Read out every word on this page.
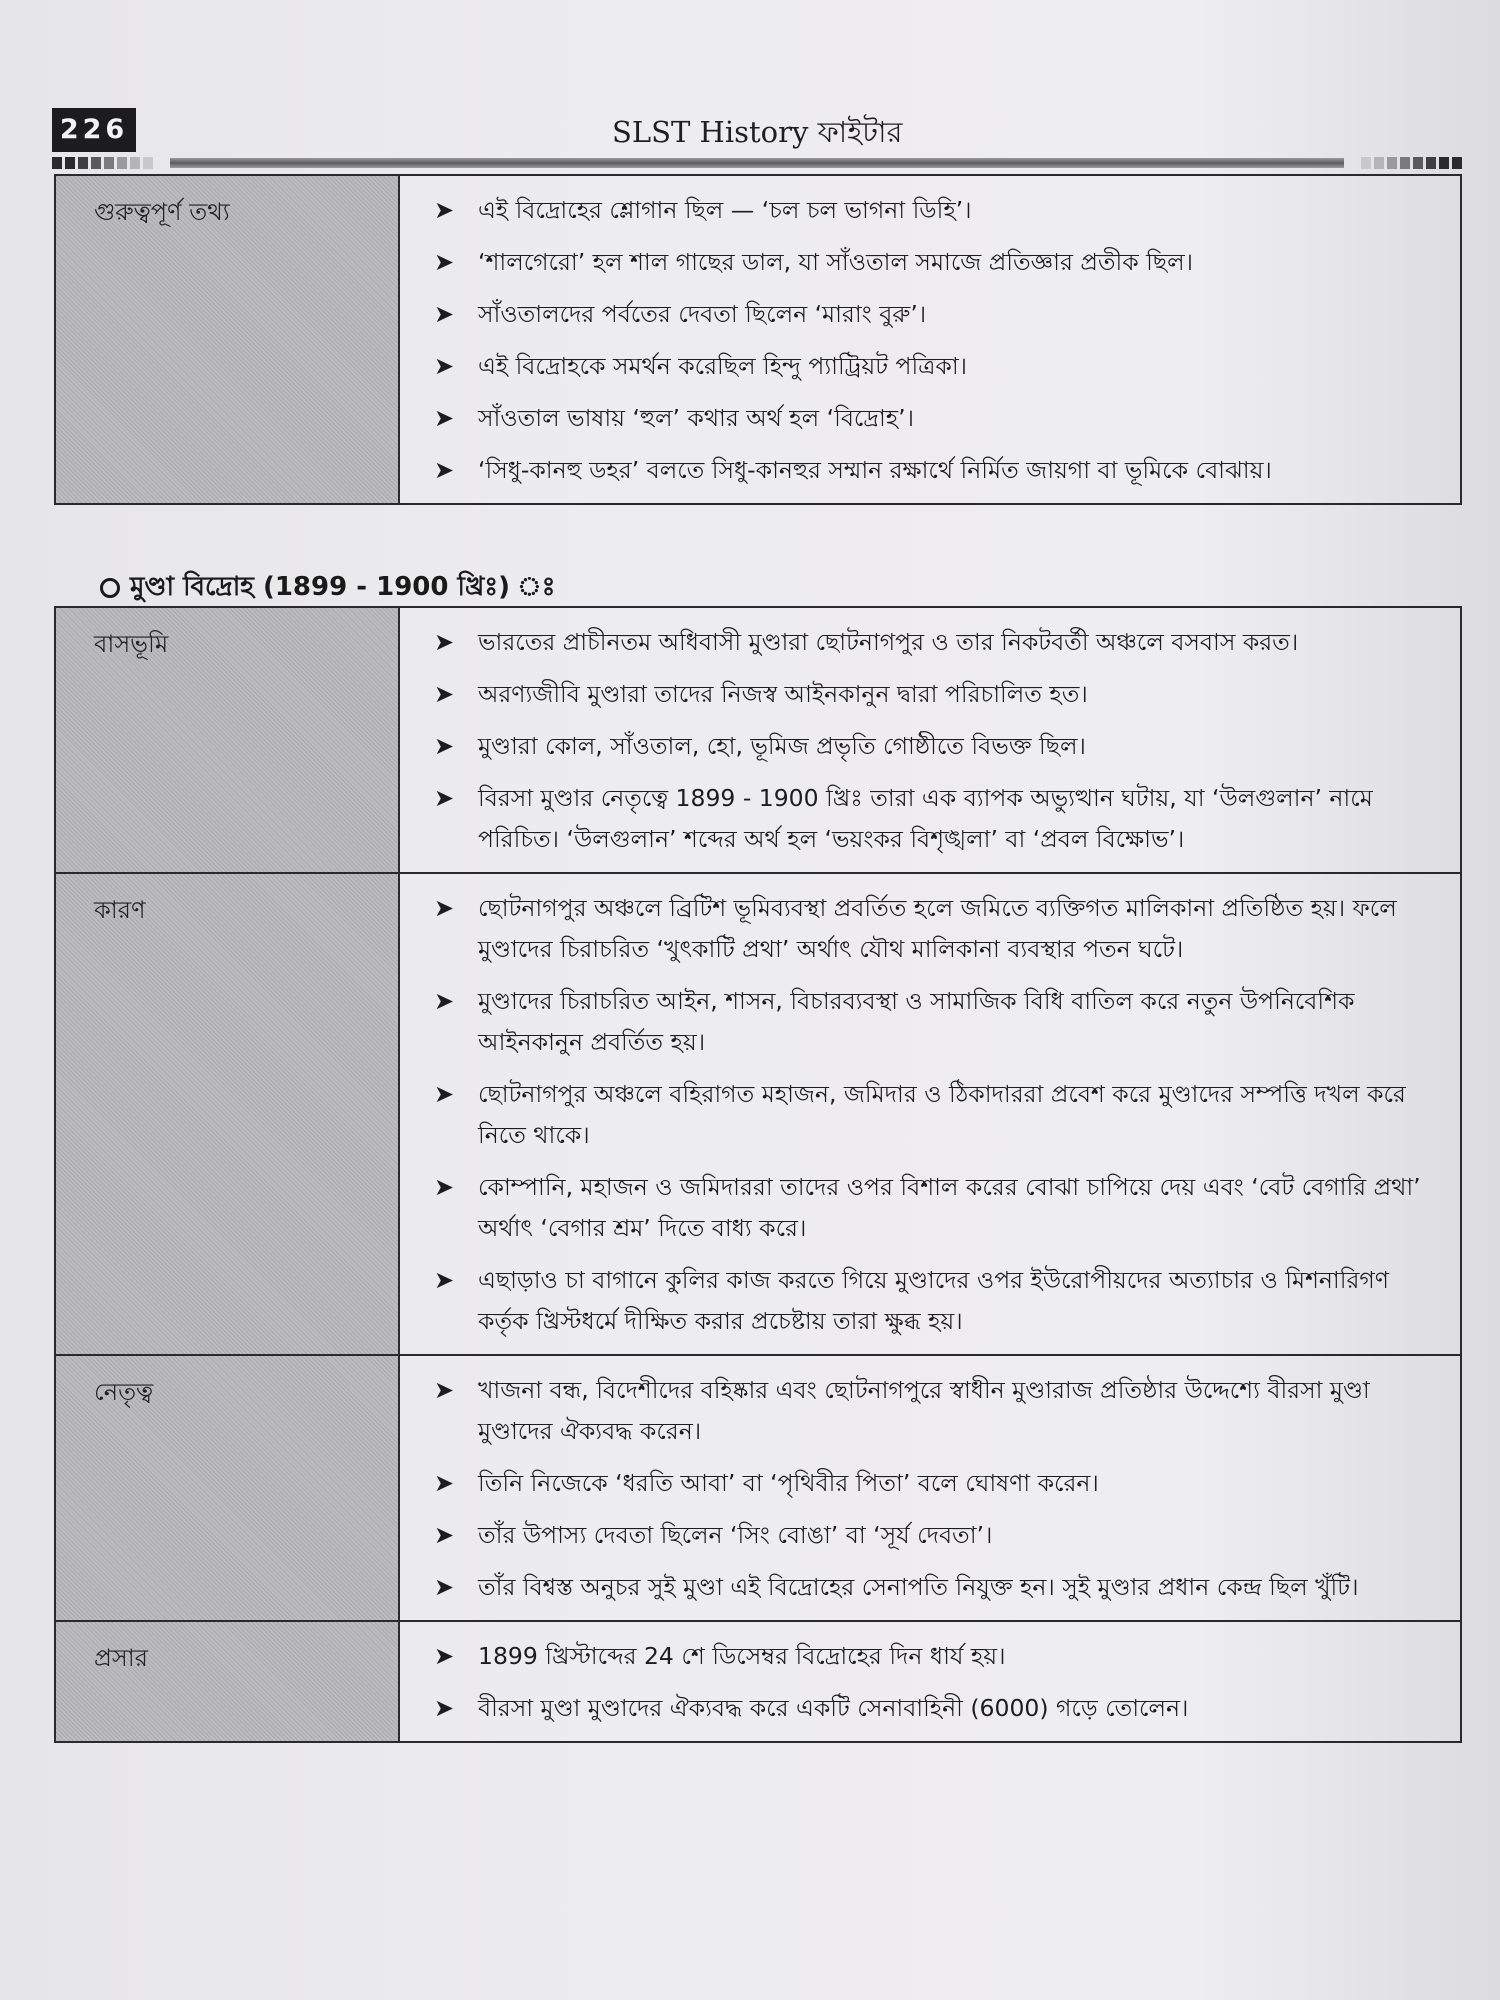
226	SLST History ফাইটার
গুরুত্বপূর্ণ তথ্য	➤ এই বিদ্রোহের শ্লোগান ছিল — ‘চল চল ভাগনা ডিহি’।
➤ ‘শালগেরো’ হল শাল গাছের ডাল, যা সাঁওতাল সমাজে প্রতিজ্ঞার প্রতীক ছিল।
➤ সাঁওতালদের পর্বতের দেবতা ছিলেন ‘মারাং বুরু’।
➤ এই বিদ্রোহকে সমর্থন করেছিল হিন্দু প্যাট্রিয়ট পত্রিকা।
➤ সাঁওতাল ভাষায় ‘হুল’ কথার অর্থ হল ‘বিদ্রোহ’।
➤ ‘সিধু-কানহু ডহর’ বলতে সিধু-কানহুর সম্মান রক্ষার্থে নির্মিত জায়গা বা ভূমিকে বোঝায়।
মুণ্ডা বিদ্রোহ (1899 - 1900 খ্রিঃ) ঃ
বাসভূমি	➤ ভারতের প্রাচীনতম অধিবাসী মুণ্ডারা ছোটনাগপুর ও তার নিকটবর্তী অঞ্চলে বসবাস করত।
➤ অরণ্যজীবি মুণ্ডারা তাদের নিজস্ব আইনকানুন দ্বারা পরিচালিত হত।
➤ মুণ্ডারা কোল, সাঁওতাল, হো, ভূমিজ প্রভৃতি গোষ্ঠীতে বিভক্ত ছিল।
➤ বিরসা মুণ্ডার নেতৃত্বে 1899 - 1900 খ্রিঃ তারা এক ব্যাপক অভ্যুত্থান ঘটায়, যা ‘উলগুলান’ নামে পরিচিত। ‘উলগুলান’ শব্দের অর্থ হল ‘ভয়ংকর বিশৃঙ্খলা’ বা ‘প্রবল বিক্ষোভ’।
কারণ	➤ ছোটনাগপুর অঞ্চলে ব্রিটিশ ভূমিব্যবস্থা প্রবর্তিত হলে জমিতে ব্যক্তিগত মালিকানা প্রতিষ্ঠিত হয়। ফলে মুণ্ডাদের চিরাচরিত ‘খুৎকাটি প্রথা’ অর্থাৎ যৌথ মালিকানা ব্যবস্থার পতন ঘটে।
➤ মুণ্ডাদের চিরাচরিত আইন, শাসন, বিচারব্যবস্থা ও সামাজিক বিধি বাতিল করে নতুন উপনিবেশিক আইনকানুন প্রবর্তিত হয়।
➤ ছোটনাগপুর অঞ্চলে বহিরাগত মহাজন, জমিদার ও ঠিকাদাররা প্রবেশ করে মুণ্ডাদের সম্পত্তি দখল করে নিতে থাকে।
➤ কোম্পানি, মহাজন ও জমিদাররা তাদের ওপর বিশাল করের বোঝা চাপিয়ে দেয় এবং ‘বেট বেগারি প্রথা’ অর্থাৎ ‘বেগার শ্রম’ দিতে বাধ্য করে।
➤ এছাড়াও চা বাগানে কুলির কাজ করতে গিয়ে মুণ্ডাদের ওপর ইউরোপীয়দের অত্যাচার ও মিশনারিগণ কর্তৃক খ্রিস্টধর্মে দীক্ষিত করার প্রচেষ্টায় তারা ক্ষুব্ধ হয়।
নেতৃত্ব	➤ খাজনা বন্ধ, বিদেশীদের বহিষ্কার এবং ছোটনাগপুরে স্বাধীন মুণ্ডারাজ প্রতিষ্ঠার উদ্দেশ্যে বীরসা মুণ্ডা মুণ্ডাদের ঐক্যবদ্ধ করেন।
➤ তিনি নিজেকে ‘ধরতি আবা’ বা ‘পৃথিবীর পিতা’ বলে ঘোষণা করেন।
➤ তাঁর উপাস্য দেবতা ছিলেন ‘সিং বোঙা’ বা ‘সূর্য দেবতা’।
➤ তাঁর বিশ্বস্ত অনুচর সুই মুণ্ডা এই বিদ্রোহের সেনাপতি নিযুক্ত হন। সুই মুণ্ডার প্রধান কেন্দ্র ছিল খুঁটি।
প্রসার	➤ 1899 খ্রিস্টাব্দের 24 শে ডিসেম্বর বিদ্রোহের দিন ধার্য হয়।
➤ বীরসা মুণ্ডা মুণ্ডাদের ঐক্যবদ্ধ করে একটি সেনাবাহিনী (6000) গড়ে তোলেন।
